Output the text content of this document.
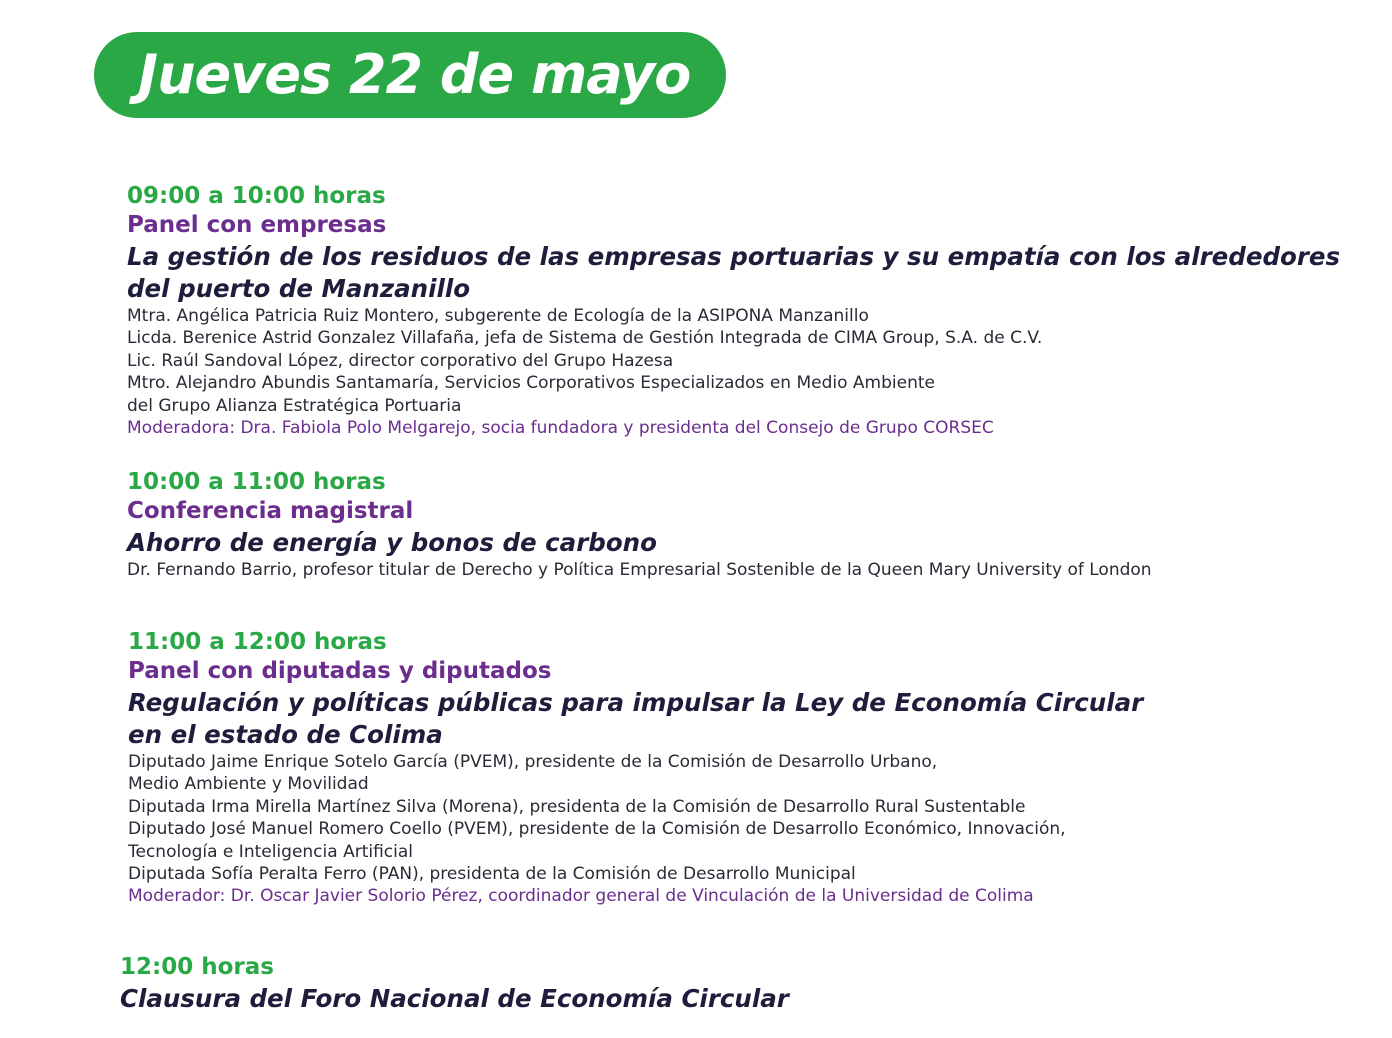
Jueves 22 de mayo
09:00 a 10:00 horas
Panel con empresas
La gestión de los residuos de las empresas portuarias y su empatía con los alrededores
del puerto de Manzanillo
Mtra. Angélica Patricia Ruiz Montero, subgerente de Ecología de la ASIPONA Manzanillo
Licda. Berenice Astrid Gonzalez Villafaña, jefa de Sistema de Gestión Integrada de CIMA Group, S.A. de C.V.
Lic. Raúl Sandoval López, director corporativo del Grupo Hazesa
Mtro. Alejandro Abundis Santamaría, Servicios Corporativos Especializados en Medio Ambiente
del Grupo Alianza Estratégica Portuaria
Moderadora: Dra. Fabiola Polo Melgarejo, socia fundadora y presidenta del Consejo de Grupo CORSEC
10:00 a 11:00 horas
Conferencia magistral
Ahorro de energía y bonos de carbono
Dr. Fernando Barrio, profesor titular de Derecho y Política Empresarial Sostenible de la Queen Mary University of London
11:00 a 12:00 horas
Panel con diputadas y diputados
Regulación y políticas públicas para impulsar la Ley de Economía Circular
en el estado de Colima
Diputado Jaime Enrique Sotelo García (PVEM), presidente de la Comisión de Desarrollo Urbano,
Medio Ambiente y Movilidad
Diputada Irma Mirella Martínez Silva (Morena), presidenta de la Comisión de Desarrollo Rural Sustentable
Diputado José Manuel Romero Coello (PVEM), presidente de la Comisión de Desarrollo Económico, Innovación,
Tecnología e Inteligencia Artificial
Diputada Sofía Peralta Ferro (PAN), presidenta de la Comisión de Desarrollo Municipal
Moderador: Dr. Oscar Javier Solorio Pérez, coordinador general de Vinculación de la Universidad de Colima
12:00 horas
Clausura del Foro Nacional de Economía Circular
